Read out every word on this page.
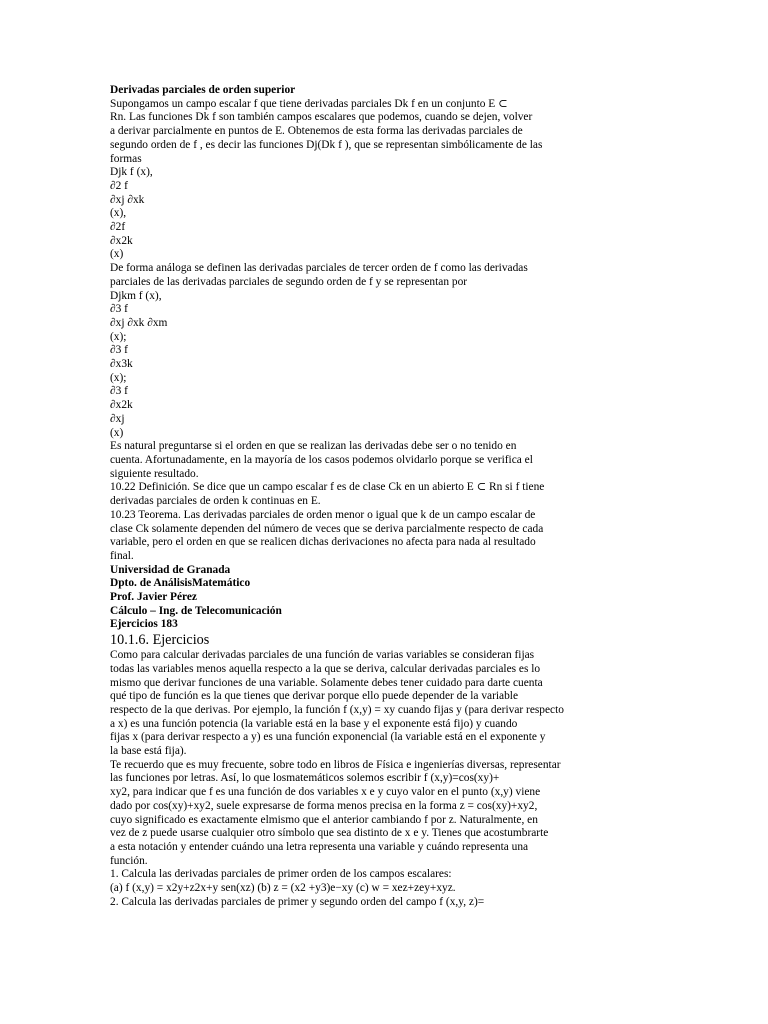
Derivadas parciales de orden superior
Supongamos un campo escalar f que tiene derivadas parciales Dk f en un conjunto E ⊂
Rn. Las funciones Dk f son también campos escalares que podemos, cuando se dejen, volver
a derivar parcialmente en puntos de E. Obtenemos de esta forma las derivadas parciales de
segundo orden de f , es decir las funciones Dj(Dk f ), que se representan simbólicamente de las
formas
Djk f (x),
∂2 f
∂xj ∂xk
(x),
∂2f
∂x2k
(x)
De forma análoga se definen las derivadas parciales de tercer orden de f como las derivadas
parciales de las derivadas parciales de segundo orden de f y se representan por
Djkm f (x),
∂3 f
∂xj ∂xk ∂xm
(x);
∂3 f
∂x3k
(x);
∂3 f
∂x2k
∂xj
(x)
Es natural preguntarse si el orden en que se realizan las derivadas debe ser o no tenido en
cuenta. Afortunadamente, en la mayoría de los casos podemos olvidarlo porque se verifica el
siguiente resultado.
10.22 Definición. Se dice que un campo escalar f es de clase Ck en un abierto E ⊂ Rn si f tiene
derivadas parciales de orden k continuas en E.
10.23 Teorema. Las derivadas parciales de orden menor o igual que k de un campo escalar de
clase Ck solamente dependen del número de veces que se deriva parcialmente respecto de cada
variable, pero el orden en que se realicen dichas derivaciones no afecta para nada al resultado
final.
Universidad de Granada
Dpto. de AnálisisMatemático
Prof. Javier Pérez
Cálculo – Ing. de Telecomunicación
Ejercicios 183
10.1.6. Ejercicios
Como para calcular derivadas parciales de una función de varias variables se consideran fijas
todas las variables menos aquella respecto a la que se deriva, calcular derivadas parciales es lo
mismo que derivar funciones de una variable. Solamente debes tener cuidado para darte cuenta
qué tipo de función es la que tienes que derivar porque ello puede depender de la variable
respecto de la que derivas. Por ejemplo, la función f (x,y) = xy cuando fijas y (para derivar respecto
a x) es una función potencia (la variable está en la base y el exponente está fijo) y cuando
fijas x (para derivar respecto a y) es una función exponencial (la variable está en el exponente y
la base está fija).
Te recuerdo que es muy frecuente, sobre todo en libros de Física e ingenierías diversas, representar
las funciones por letras. Así, lo que losmatemáticos solemos escribir f (x,y)=cos(xy)+
xy2, para indicar que f es una función de dos variables x e y cuyo valor en el punto (x,y) viene
dado por cos(xy)+xy2, suele expresarse de forma menos precisa en la forma z = cos(xy)+xy2,
cuyo significado es exactamente elmismo que el anterior cambiando f por z. Naturalmente, en
vez de z puede usarse cualquier otro símbolo que sea distinto de x e y. Tienes que acostumbrarte
a esta notación y entender cuándo una letra representa una variable y cuándo representa una
función.
1. Calcula las derivadas parciales de primer orden de los campos escalares:
(a) f (x,y) = x2y+z2x+y sen(xz) (b) z = (x2 +y3)e−xy (c) w = xez+zey+xyz.
2. Calcula las derivadas parciales de primer y segundo orden del campo f (x,y, z)=
